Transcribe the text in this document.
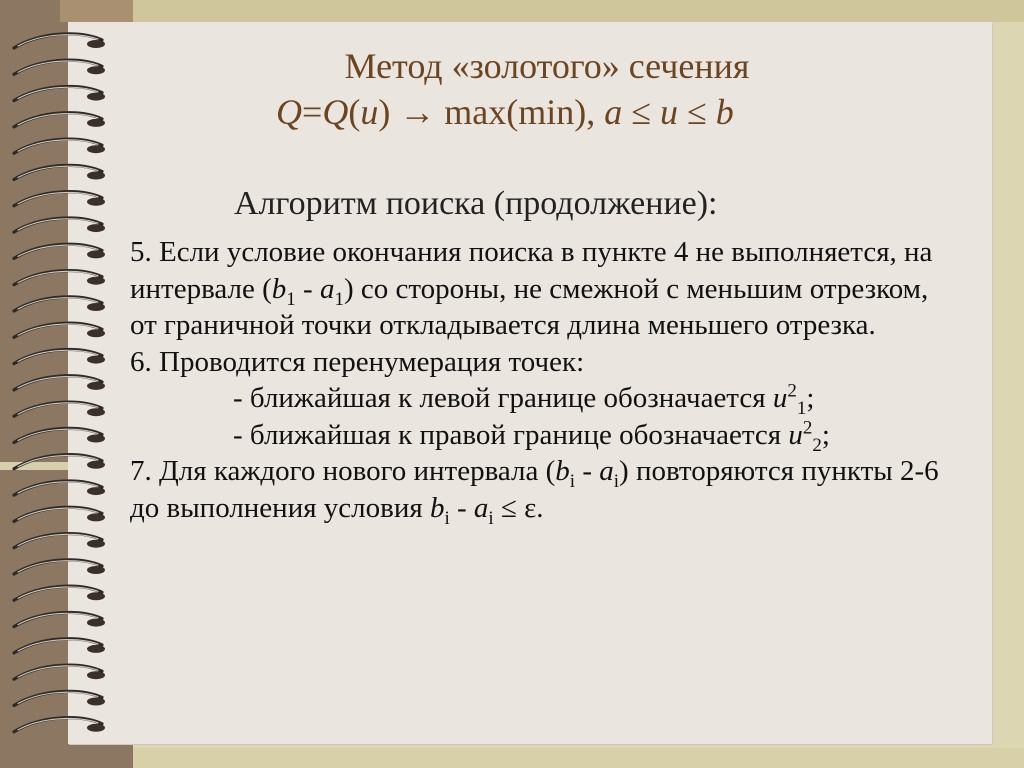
Метод «золотого» сечения
Q=Q(u) → max(min), a ≤ u ≤ b
Алгоритм поиска (продолжение):

5. Если условие окончания поиска в пункте 4 не выполняется, на интервале $(b_1 - a_1)$ со стороны, не смежной с меньшим отрезком, от граничной точки откладывается длина меньшего отрезка.

6. Проводится перенумерация точек:

- ближайшая к левой границе обозначается $u^2_1$;

- ближайшая к правой границе обозначается $u^2_2$;

7. Для каждого нового интервала $(b_i - a_i)$ повторяются пункты 2-6 до выполнения условия $b_i - a_i \le \varepsilon$.
